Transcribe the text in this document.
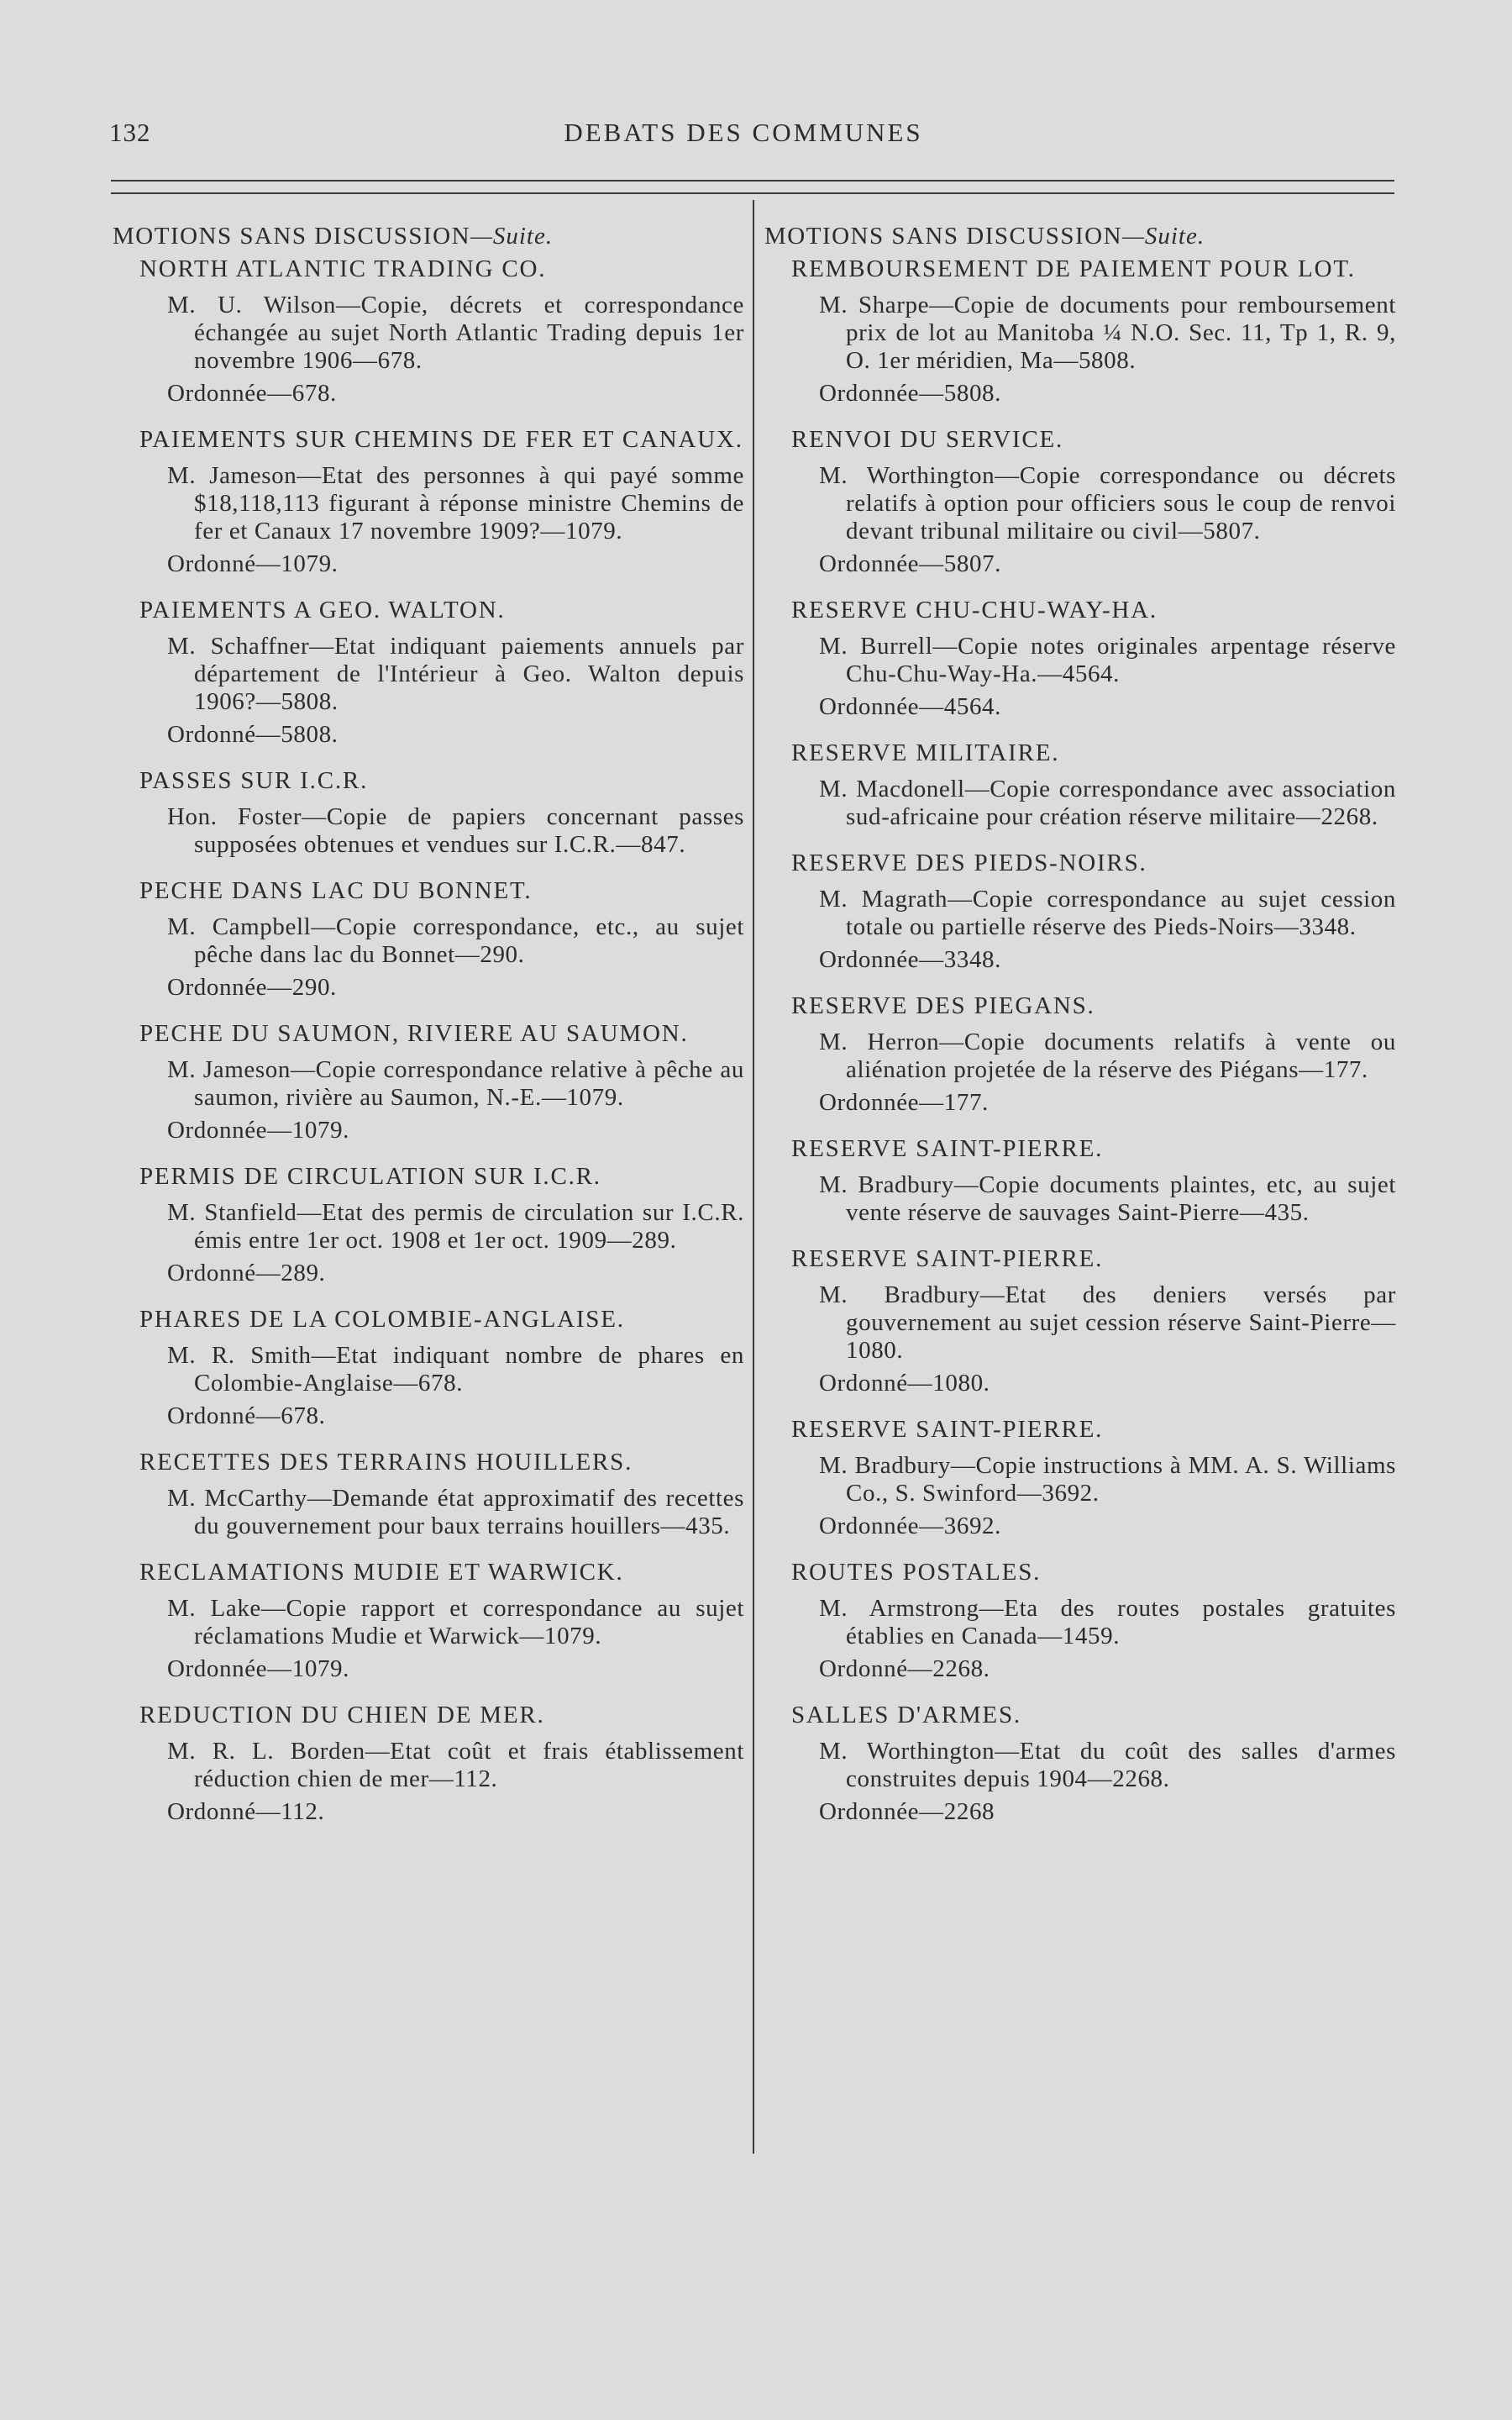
132	DEBATS DES COMMUNES
MOTIONS SANS DISCUSSION—Suite.

NORTH ATLANTIC TRADING CO.

M. U. Wilson—Copie, décrets et correspondance échangée au sujet North Atlantic Trading depuis 1er novembre 1906—678.

Ordonnée—678.

PAIEMENTS SUR CHEMINS DE FER ET CANAUX.

M. Jameson—Etat des personnes à qui payé somme $18,118,113 figurant à réponse ministre Chemins de fer et Canaux 17 novembre 1909?—1079.

Ordonné—1079.

PAIEMENTS A GEO. WALTON.

M. Schaffner—Etat indiquant paiements annuels par département de l'Intérieur à Geo. Walton depuis 1906?—5808.

Ordonné—5808.

PASSES SUR I.C.R.

Hon. Foster—Copie de papiers concernant passes supposées obtenues et vendues sur I.C.R.—847.

PECHE DANS LAC DU BONNET.

M. Campbell—Copie correspondance, etc., au sujet pêche dans lac du Bonnet—290.

Ordonnée—290.

PECHE DU SAUMON, RIVIERE AU SAUMON.

M. Jameson—Copie correspondance relative à pêche au saumon, rivière au Saumon, N.-E.—1079.

Ordonnée—1079.

PERMIS DE CIRCULATION SUR I.C.R.

M. Stanfield—Etat des permis de circulation sur I.C.R. émis entre 1er oct. 1908 et 1er oct. 1909—289.

Ordonné—289.

PHARES DE LA COLOMBIE-ANGLAISE.

M. R. Smith—Etat indiquant nombre de phares en Colombie-Anglaise—678.

Ordonné—678.

RECETTES DES TERRAINS HOUILLERS.

M. McCarthy—Demande état approximatif des recettes du gouvernement pour baux terrains houillers—435.

RECLAMATIONS MUDIE ET WARWICK.

M. Lake—Copie rapport et correspondance au sujet réclamations Mudie et Warwick—1079.

Ordonnée—1079.

REDUCTION DU CHIEN DE MER.

M. R. L. Borden—Etat coût et frais établissement réduction chien de mer—112.

Ordonné—112.

MOTIONS SANS DISCUSSION—Suite.

REMBOURSEMENT DE PAIEMENT POUR LOT.

M. Sharpe—Copie de documents pour remboursement prix de lot au Manitoba ¼ N.O. Sec. 11, Tp 1, R. 9, O. 1er méridien, Ma—5808.

Ordonnée—5808.

RENVOI DU SERVICE.

M. Worthington—Copie correspondance ou décrets relatifs à option pour officiers sous le coup de renvoi devant tribunal militaire ou civil—5807.

Ordonnée—5807.

RESERVE CHU-CHU-WAY-HA.

M. Burrell—Copie notes originales arpentage réserve Chu-Chu-Way-Ha.—4564.

Ordonnée—4564.

RESERVE MILITAIRE.

M. Macdonell—Copie correspondance avec association sud-africaine pour création réserve militaire—2268.

RESERVE DES PIEDS-NOIRS.

M. Magrath—Copie correspondance au sujet cession totale ou partielle réserve des Pieds-Noirs—3348.

Ordonnée—3348.

RESERVE DES PIEGANS.

M. Herron—Copie documents relatifs à vente ou aliénation projetée de la réserve des Piégans—177.

Ordonnée—177.

RESERVE SAINT-PIERRE.

M. Bradbury—Copie documents plaintes, etc, au sujet vente réserve de sauvages Saint-Pierre—435.

RESERVE SAINT-PIERRE.

M. Bradbury—Etat des deniers versés par gouvernement au sujet cession réserve Saint-Pierre—1080.

Ordonné—1080.

RESERVE SAINT-PIERRE.

M. Bradbury—Copie instructions à MM. A. S. Williams Co., S. Swinford—3692.

Ordonnée—3692.

ROUTES POSTALES.

M. Armstrong—Eta des routes postales gratuites établies en Canada—1459.

Ordonné—2268.

SALLES D'ARMES.

M. Worthington—Etat du coût des salles d'armes construites depuis 1904—2268.

Ordonnée—2268
